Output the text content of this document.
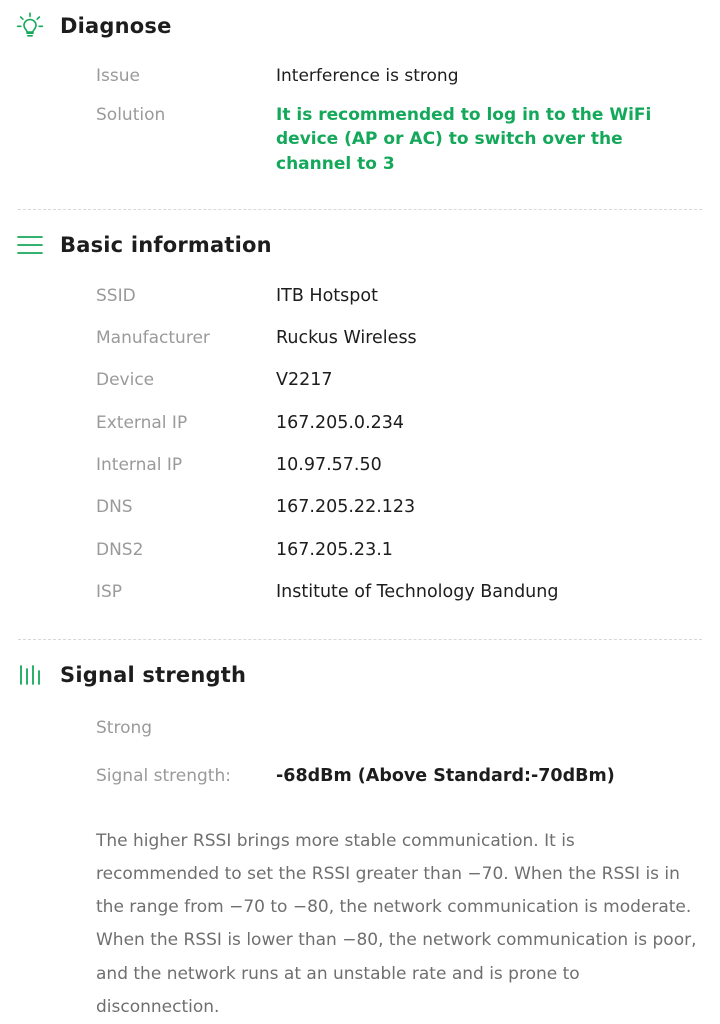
Diagnose
Issue	Interference is strong
Solution	It is recommended to log in to the WiFi device (AP or AC) to switch over the channel to 3
Basic information
SSID	ITB Hotspot
Manufacturer	Ruckus Wireless
Device	V2217
External IP	167.205.0.234
Internal IP	10.97.57.50
DNS	167.205.22.123
DNS2	167.205.23.1
ISP	Institute of Technology Bandung
Signal strength
Strong
Signal strength:	-68dBm (Above Standard:-70dBm)
The higher RSSI brings more stable communication. It is recommended to set the RSSI greater than −70. When the RSSI is in the range from −70 to −80, the network communication is moderate. When the RSSI is lower than −80, the network communication is poor, and the network runs at an unstable rate and is prone to disconnection.
